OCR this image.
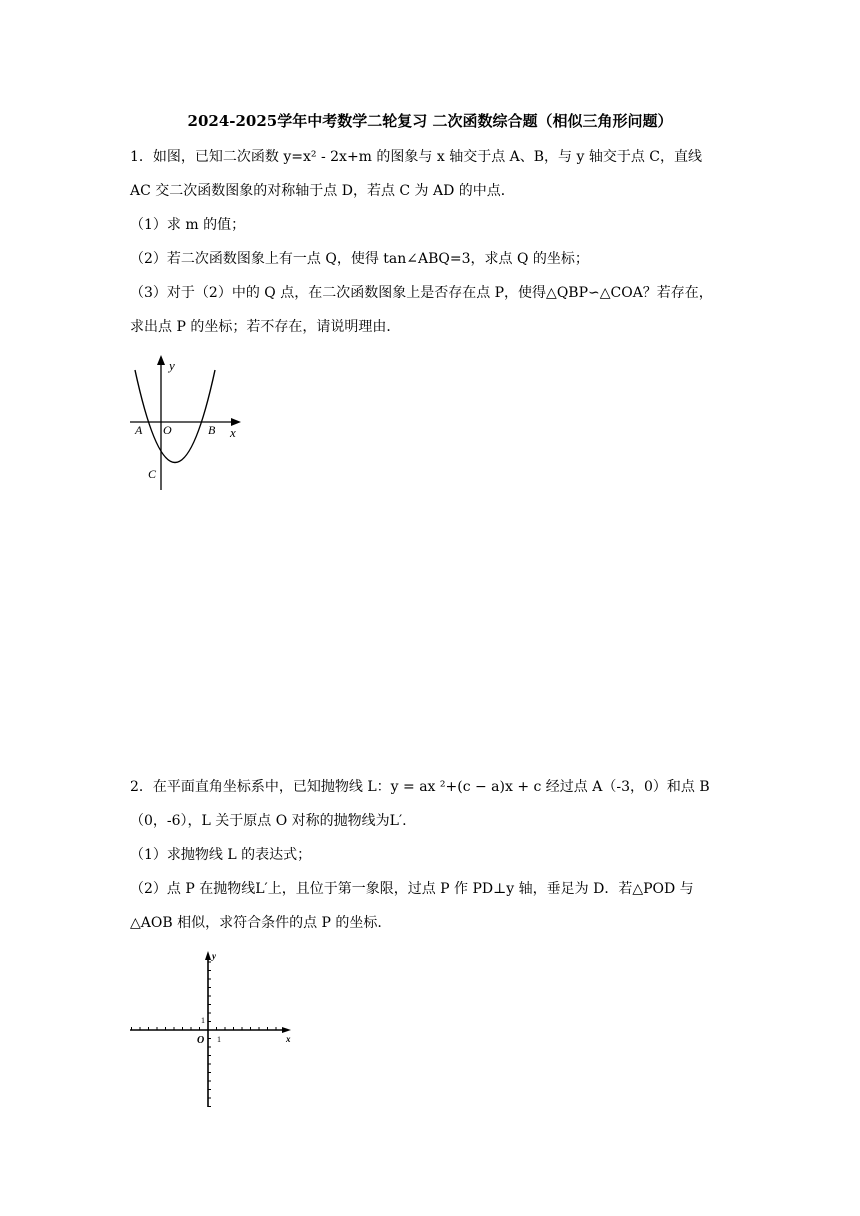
2024-2025学年中考数学二轮复习 二次函数综合题（相似三角形问题）
1．如图，已知二次函数 y=x² - 2x+m 的图象与 x 轴交于点 A、B，与 y 轴交于点 C，直线
AC 交二次函数图象的对称轴于点 D，若点 C 为 AD 的中点．
（1）求 m 的值；
（2）若二次函数图象上有一点 Q，使得 tan∠ABQ=3，求点 Q 的坐标；
（3）对于（2）中的 Q 点，在二次函数图象上是否存在点 P，使得△QBP∽△COA？若存在，
求出点 P 的坐标；若不存在，请说明理由．
y
x
A O	B
C
2．在平面直角坐标系中，已知抛物线 L：y = ax ²+(c − a)x + c 经过点 A（-3，0）和点 B
（0，-6），L 关于原点 O 对称的抛物线为L′.
（1）求抛物线 L 的表达式；
（2）点 P 在抛物线L′上，且位于第一象限，过点 P 作 PD⊥y 轴，垂足为 D．若△POD 与
△AOB 相似，求符合条件的点 P 的坐标.
y
x
O 1
1
